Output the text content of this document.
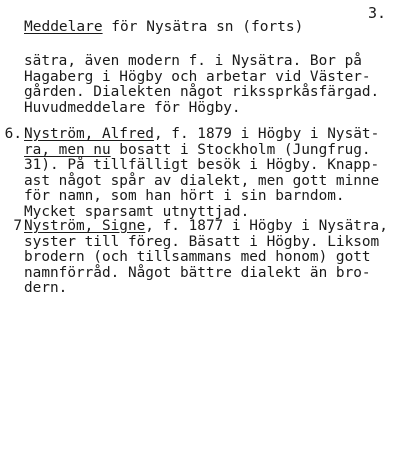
3.
Meddelare för Nysätra sn (forts)
sätra, även modern f. i Nysätra. Bor på
Hagaberg i Högby och arbetar vid Väster-
gården. Dialekten något rikssprkåsfärgad.
Huvudmeddelare för Högby.
6. Nyström, Alfred, f. 1879 i Högby i Nysät-
ra, men nu bosatt i Stockholm (Jungfrug.
31). På tillfälligt besök i Högby. Knapp-
ast något spår av dialekt, men gott minne
för namn, som han hört i sin barndom.
Mycket sparsamt utnyttjad.
7 Nyström, Signe, f. 1877 i Högby i Nysätra,
syster till föreg. Bäsatt i Högby. Liksom
brodern (och tillsammans med honom) gott
namnförråd. Något bättre dialekt än bro-
dern.
